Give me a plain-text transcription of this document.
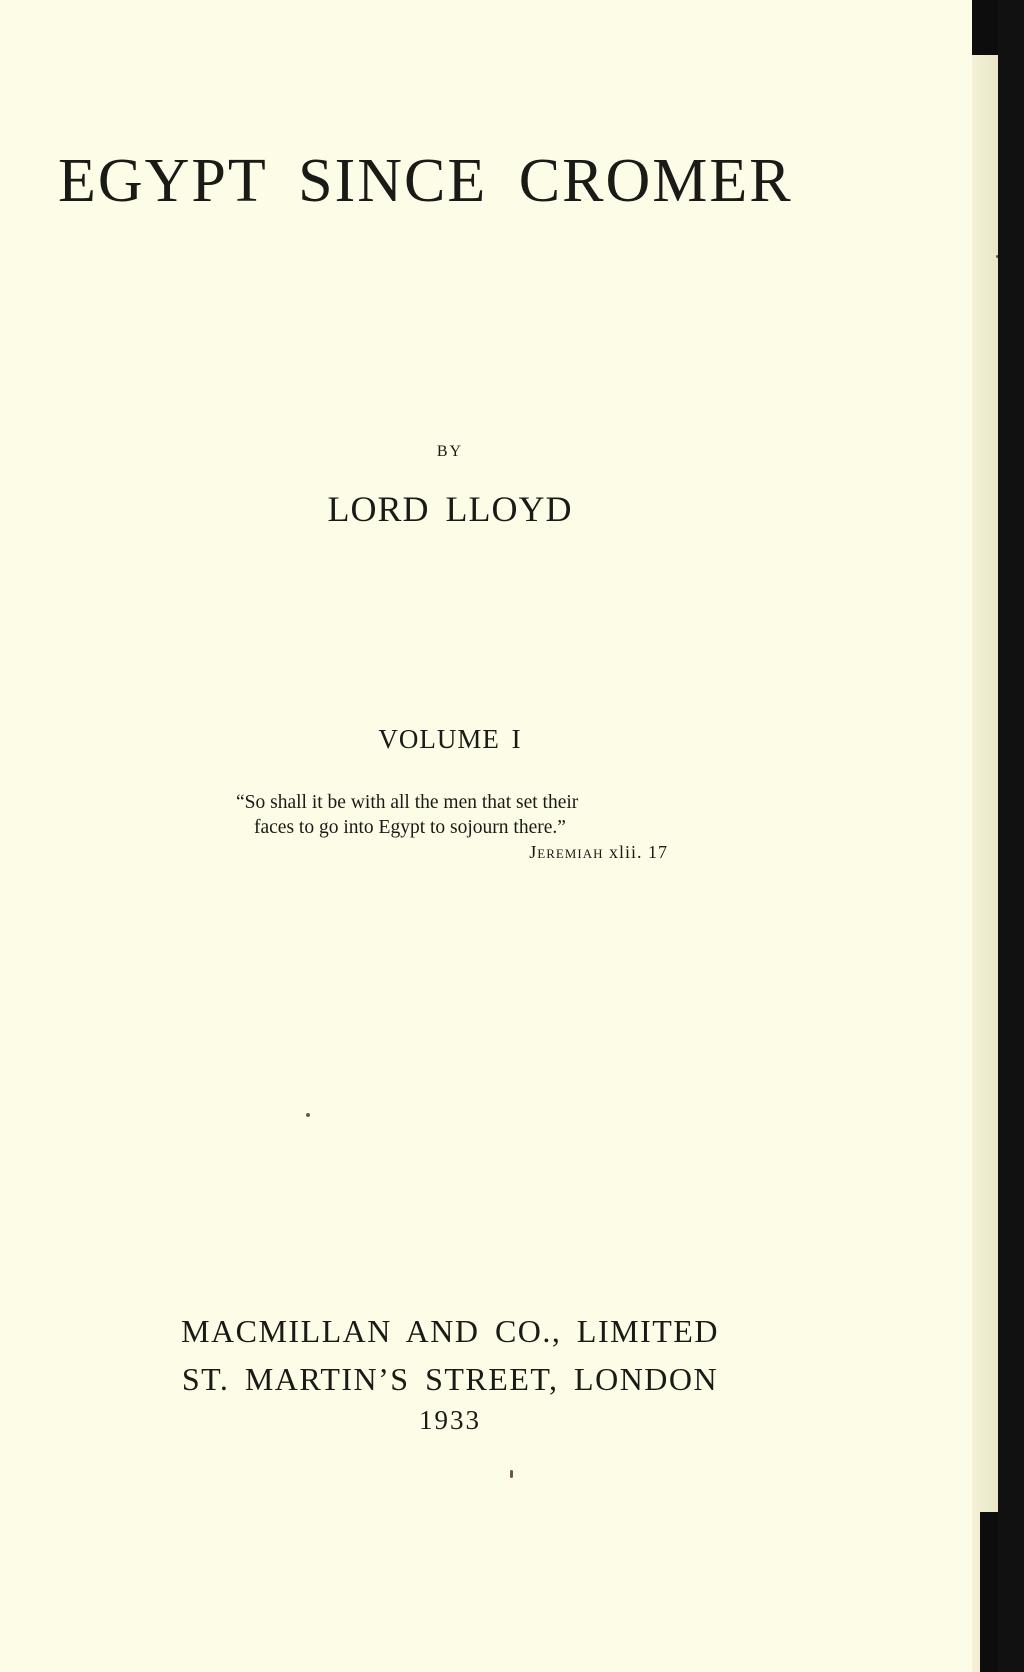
EGYPT SINCE CROMER
BY
LORD LLOYD
VOLUME I
“So shall it be with all the men that set their
faces to go into Egypt to sojourn there.”
Jeremiah xlii. 17
MACMILLAN AND CO., LIMITED
ST. MARTIN’S STREET, LONDON
1933
